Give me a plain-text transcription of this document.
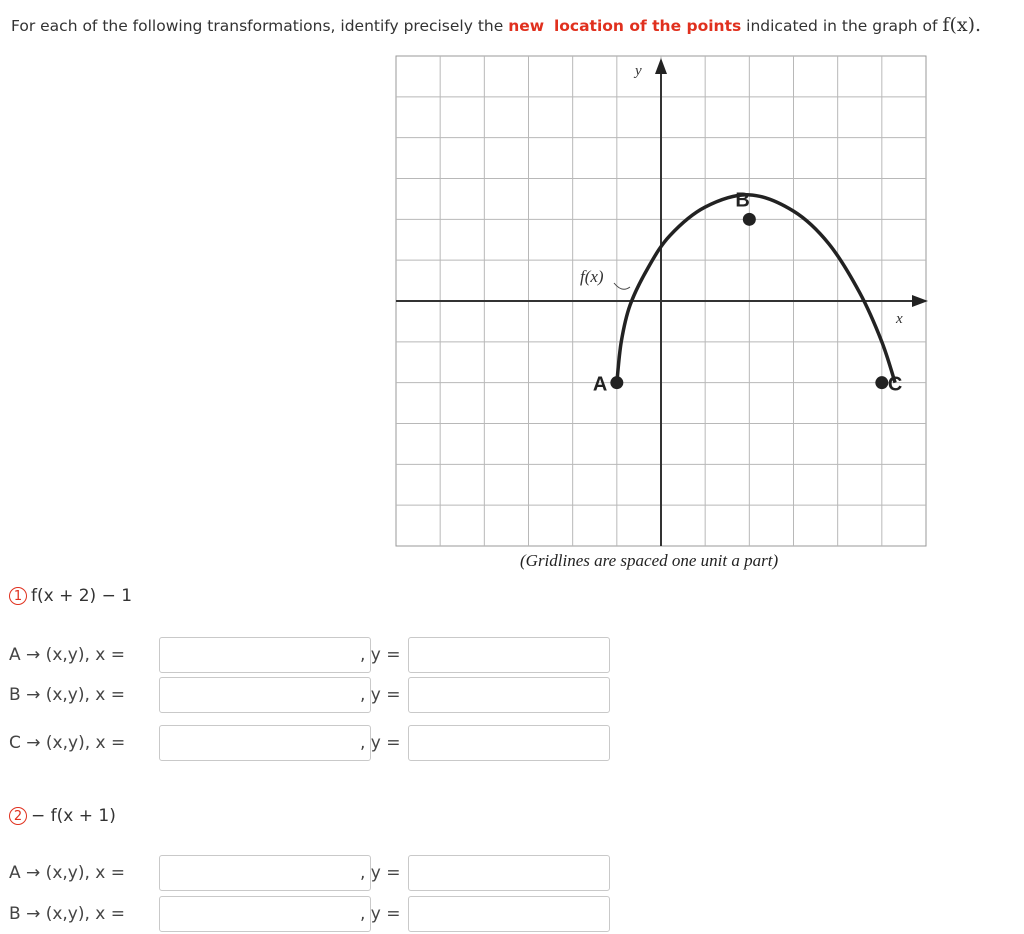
For each of the following transformations, identify precisely the new location of the points indicated in the graph of f(x).
A
B
C
x
y
f(x)
(Gridlines are spaced one unit a part)
1 f(x + 2) − 1
A → (x,y), x =	, y =
B → (x,y), x =	, y =
C → (x,y), x =	, y =
2 − f(x + 1)
A → (x,y), x =	, y =
B → (x,y), x =	, y =
